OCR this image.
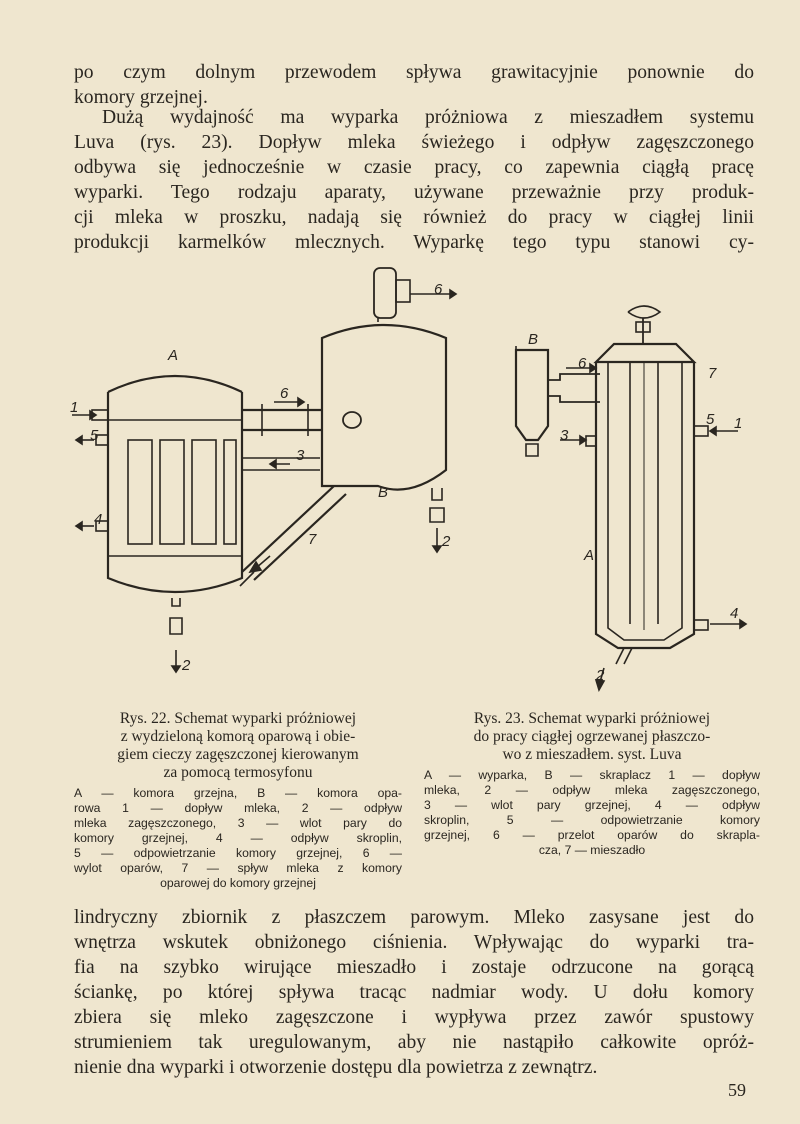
po czym dolnym przewodem spływa grawitacyjnie ponownie do
komory grzejnej.

Dużą wydajność ma wyparka próżniowa z mieszadłem systemu
Luva (rys. 23). Dopływ mleka świeżego i odpływ zagęszczonego
odbywa się jednocześnie w czasie pracy, co zapewnia ciągłą pracę
wyparki. Tego rodzaju aparaty, używane przeważnie przy produk-
cji mleka w proszku, nadają się również do pracy w ciągłej linii
produkcji karmelków mlecznych. Wyparkę tego typu stanowi cy-

A
B
1
5
4
6
6
3
2
2
7
B
A
1
2
3
4
5
6
7

Rys. 22. Schemat wyparki próżniowej
z wydzieloną komorą oparową i obie-
giem cieczy zagęszczonej kierowanym
za pomocą termosyfonu

A — komora grzejna, B — komora opa-
rowa 1 — dopływ mleka, 2 — odpływ
mleka zagęszczonego, 3 — wlot pary do
komory grzejnej, 4 — odpływ skroplin,
5 — odpowietrzanie komory grzejnej, 6 —
wylot oparów, 7 — spływ mleka z komory
oparowej do komory grzejnej

Rys. 23. Schemat wyparki próżniowej
do pracy ciągłej ogrzewanej płaszczo-
wo z mieszadłem. syst. Luva

A — wyparka, B — skraplacz 1 — dopływ
mleka, 2 — odpływ mleka zagęszczonego,
3 — wlot pary grzejnej, 4 — odpływ
skroplin, 5 — odpowietrzanie komory
grzejnej, 6 — przelot oparów do skrapla-
cza, 7 — mieszadło

lindryczny zbiornik z płaszczem parowym. Mleko zasysane jest do
wnętrza wskutek obniżonego ciśnienia. Wpływając do wyparki tra-
fia na szybko wirujące mieszadło i zostaje odrzucone na gorącą
ściankę, po której spływa tracąc nadmiar wody. U dołu komory
zbiera się mleko zagęszczone i wypływa przez zawór spustowy
strumieniem tak uregulowanym, aby nie nastąpiło całkowite opróż-
nienie dna wyparki i otworzenie dostępu dla powietrza z zewnątrz.

59
